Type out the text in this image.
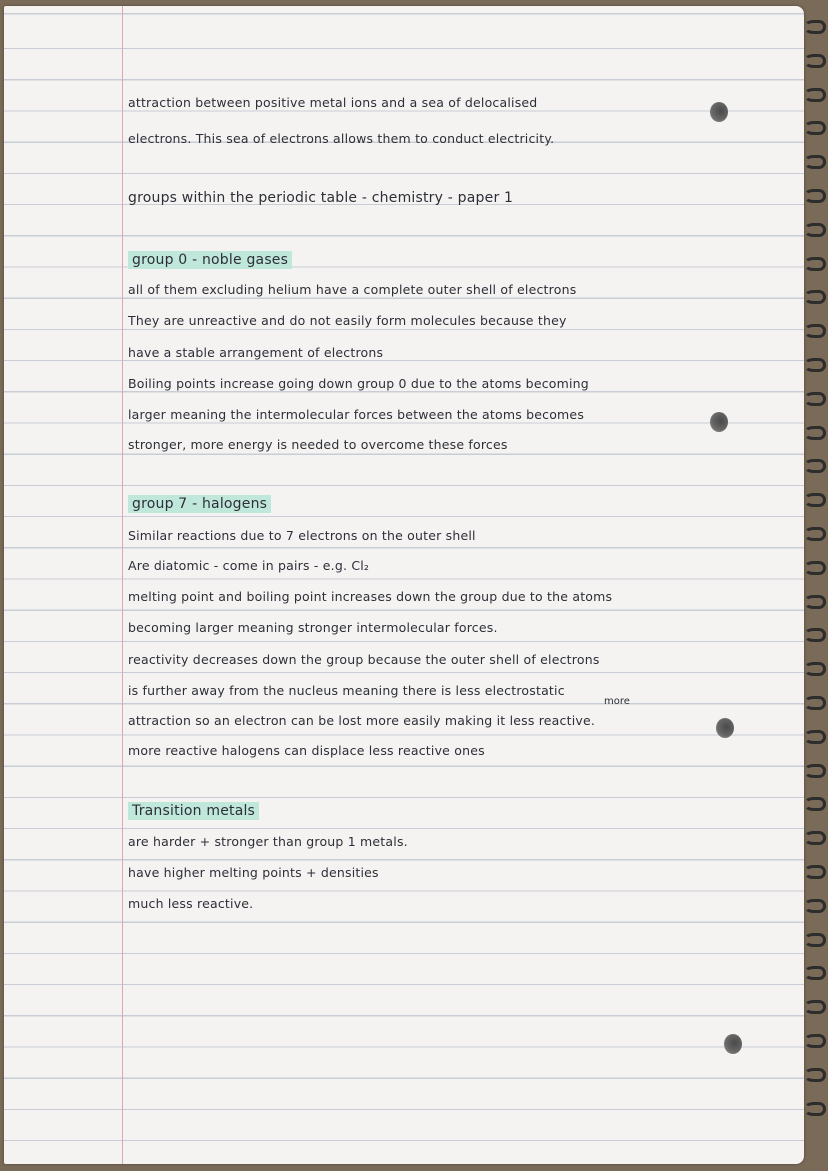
attraction between positive metal ions and a sea of delocalised
electrons. This sea of electrons allows them to conduct electricity.
groups within the periodic table - chemistry - paper 1
group 0 - noble gases
all of them excluding helium have a complete outer shell of electrons
They are unreactive and do not easily form molecules because they
have a stable arrangement of electrons
Boiling points increase going down group 0 due to the atoms becoming
larger meaning the intermolecular forces between the atoms becomes
stronger, more energy is needed to overcome these forces
group 7 - halogens
Similar reactions due to 7 electrons on the outer shell
Are diatomic - come in pairs - e.g. Cl₂
melting point and boiling point increases down the group due to the atoms
becoming larger meaning stronger intermolecular forces.
reactivity decreases down the group because the outer shell of electrons
is further away from the nucleus meaning there is less electrostatic
attraction so an electron can be lost more easily making it less reactive.
more reactive halogens can displace less reactive ones
Transition metals
are harder + stronger than group 1 metals.
have higher melting points + densities
much less reactive.
more
